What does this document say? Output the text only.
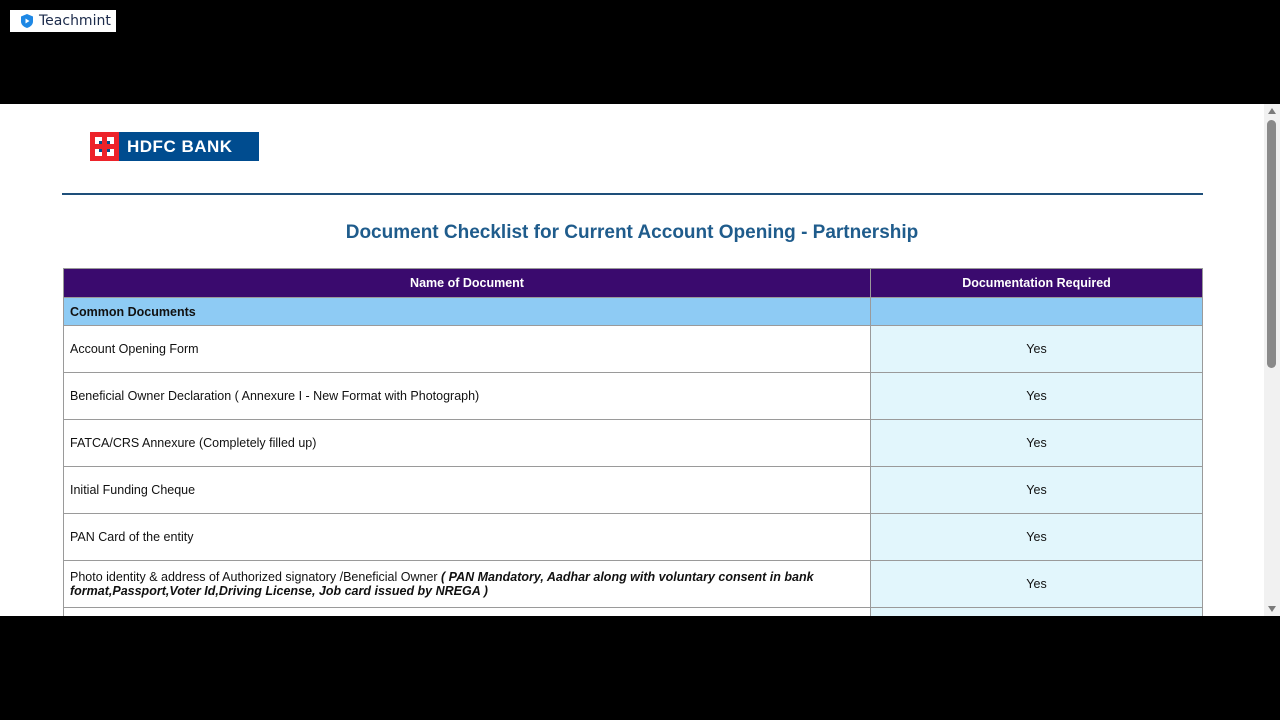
Teachmint
HDFC BANK
Document Checklist for Current Account Opening - Partnership
Name of Document	Documentation Required
Common Documents	
Account Opening Form	Yes
Beneficial Owner Declaration ( Annexure I - New Format with Photograph)	Yes
FATCA/CRS Annexure (Completely filled up)	Yes
Initial Funding Cheque	Yes
PAN Card of the entity	Yes
Photo identity & address of Authorized signatory /Beneficial Owner ( PAN Mandatory, Aadhar along with voluntary consent in bank format,Passport,Voter Id,Driving License, Job card issued by NREGA )	Yes
